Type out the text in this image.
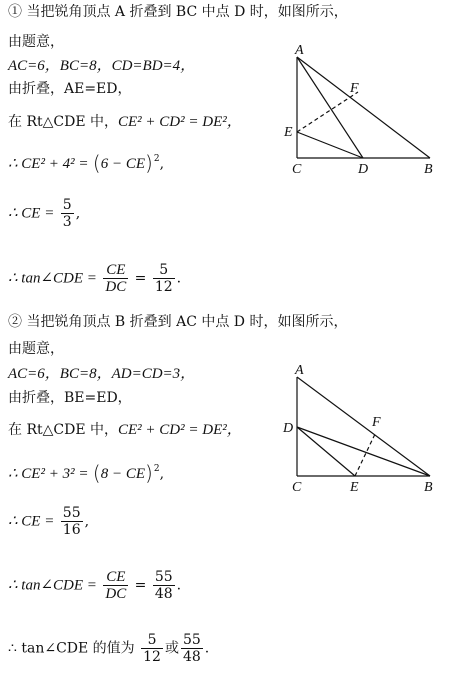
① 当把锐角顶点 A 折叠到 BC 中点 D 时，如图所示，
由题意，
AC=6，BC=8，CD=BD=4，
由折叠，AE=ED，
在 Rt△CDE 中，CE² + CD² = DE²，
∴ CE² + 4² = (6 − CE)$^2$,
∴ CE = $\frac{5}{3}$ ,
∴ tan∠CDE = $\frac{CE}{DC} = \frac{5}{12}$ .
A
F
E
C	D	B
② 当把锐角顶点 B 折叠到 AC 中点 D 时，如图所示，
由题意，
AC=6，BC=8，AD=CD=3，
由折叠，BE=ED，
在 Rt△CDE 中，CE² + CD² = DE²，
∴ CE² + 3² = (8 − CE)$^2$,
∴ CE = $\frac{55}{16}$ ,
∴ tan∠CDE = $\frac{CE}{DC} = \frac{55}{48}$ .
A
F
D
C	E	B
∴ tan∠CDE 的值为 $\frac{5}{12}$ 或 $\frac{55}{48}$ .
